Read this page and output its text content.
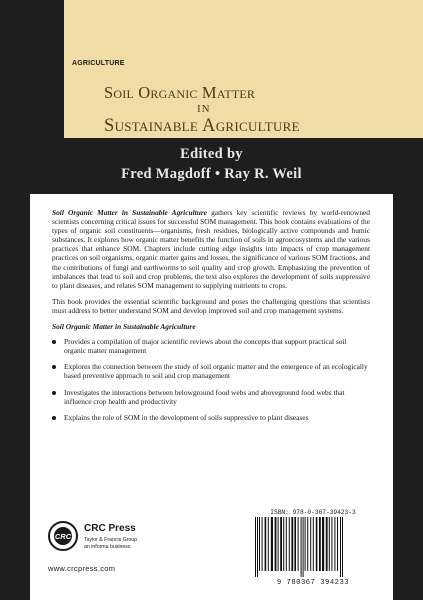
AGRICULTURE
Soil Organic Matter
IN
Sustainable Agriculture
Edited by
Fred Magdoff • Ray R. Weil

Soil Organic Matter in Sustainable Agriculture gathers key scientific reviews by world-renowned scientists concerning critical issues for successful SOM management. This book contains evaluations of the types of organic soil constituents—organisms, fresh residues, biologically active compounds and humic substances. It explores how organic matter benefits the function of soils in agroecosystems and the various practices that enhance SOM. Chapters include cutting edge insights into impacts of crop management practices on soil organisms, organic matter gains and losses, the significance of various SOM fractions, and the contributions of fungi and earthworms to soil quality and crop growth. Emphasizing the prevention of imbalances that lead to soil and crop problems, the text also explores the development of soils suppressive to plant diseases, and relates SOM management to supplying nutrients to crops.

This book provides the essential scientific background and poses the challenging questions that scientists must address to better understand SOM and develop improved soil and crop management systems.

Soil Organic Matter in Sustainable Agriculture
Provides a compilation of major scientific reviews about the concepts that support practical soil organic matter management
Explores the connection between the study of soil organic matter and the emergence of an ecologically based preventive approach to soil and crop management
Investigates the interactions between belowground food webs and aboveground food webs that influence crop health and productivity
Explains the role of SOM in the development of soils suppressive to plant diseases
CRC
CRC Press
Taylor & Francis Group
an informa business
www.crcpress.com
ISBN: 978-0-367-39423-3
9 780367 394233
